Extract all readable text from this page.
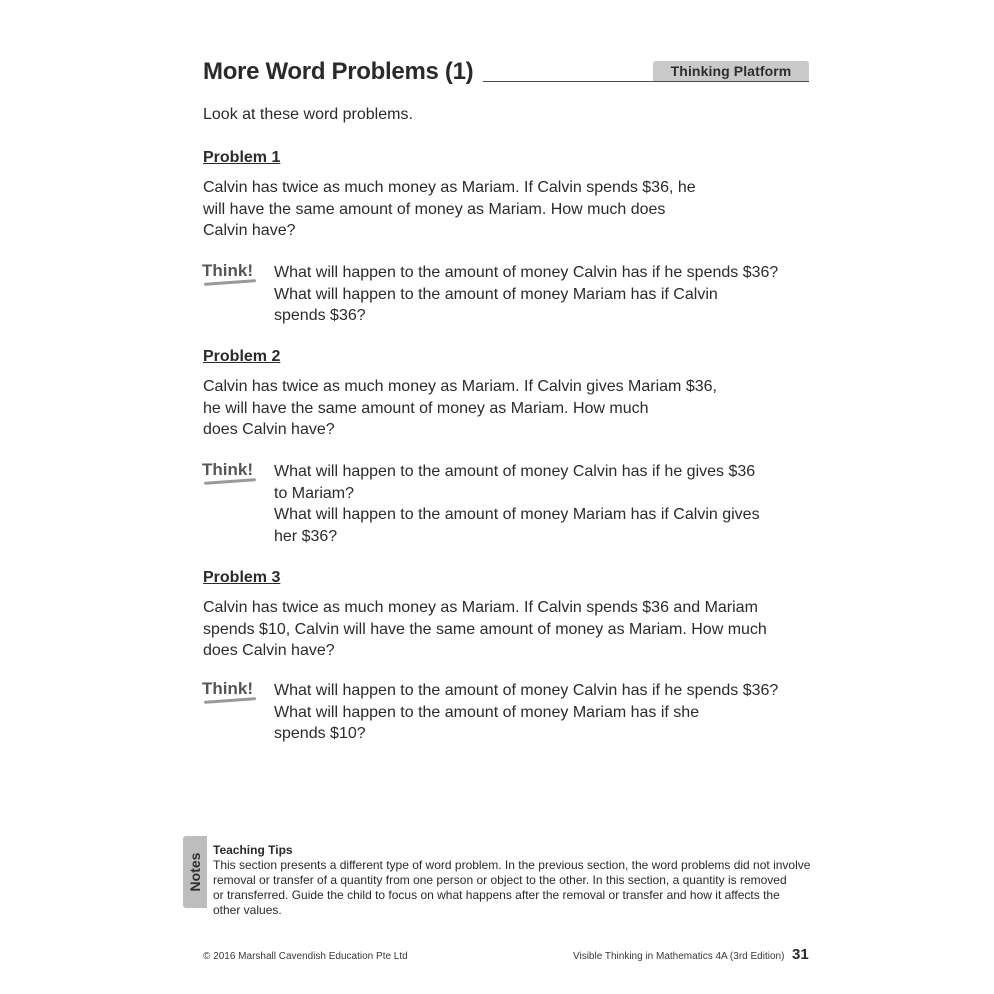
More Word Problems (1)	Thinking Platform
Look at these word problems.
Problem 1
Calvin has twice as much money as Mariam. If Calvin spends $36, he
will have the same amount of money as Mariam. How much does
Calvin have?
Think! What will happen to the amount of money Calvin has if he spends $36?
What will happen to the amount of money Mariam has if Calvin
spends $36?
Problem 2
Calvin has twice as much money as Mariam. If Calvin gives Mariam $36,
he will have the same amount of money as Mariam. How much
does Calvin have?
Think! What will happen to the amount of money Calvin has if he gives $36
to Mariam?
What will happen to the amount of money Mariam has if Calvin gives
her $36?
Problem 3
Calvin has twice as much money as Mariam. If Calvin spends $36 and Mariam
spends $10, Calvin will have the same amount of money as Mariam. How much
does Calvin have?
Think! What will happen to the amount of money Calvin has if he spends $36?
What will happen to the amount of money Mariam has if she
spends $10?
Notes
Teaching Tips
This section presents a different type of word problem. In the previous section, the word problems did not involve
removal or transfer of a quantity from one person or object to the other. In this section, a quantity is removed
or transferred. Guide the child to focus on what happens after the removal or transfer and how it affects the
other values.
© 2016 Marshall Cavendish Education Pte Ltd	Visible Thinking in Mathematics 4A (3rd Edition) 31
